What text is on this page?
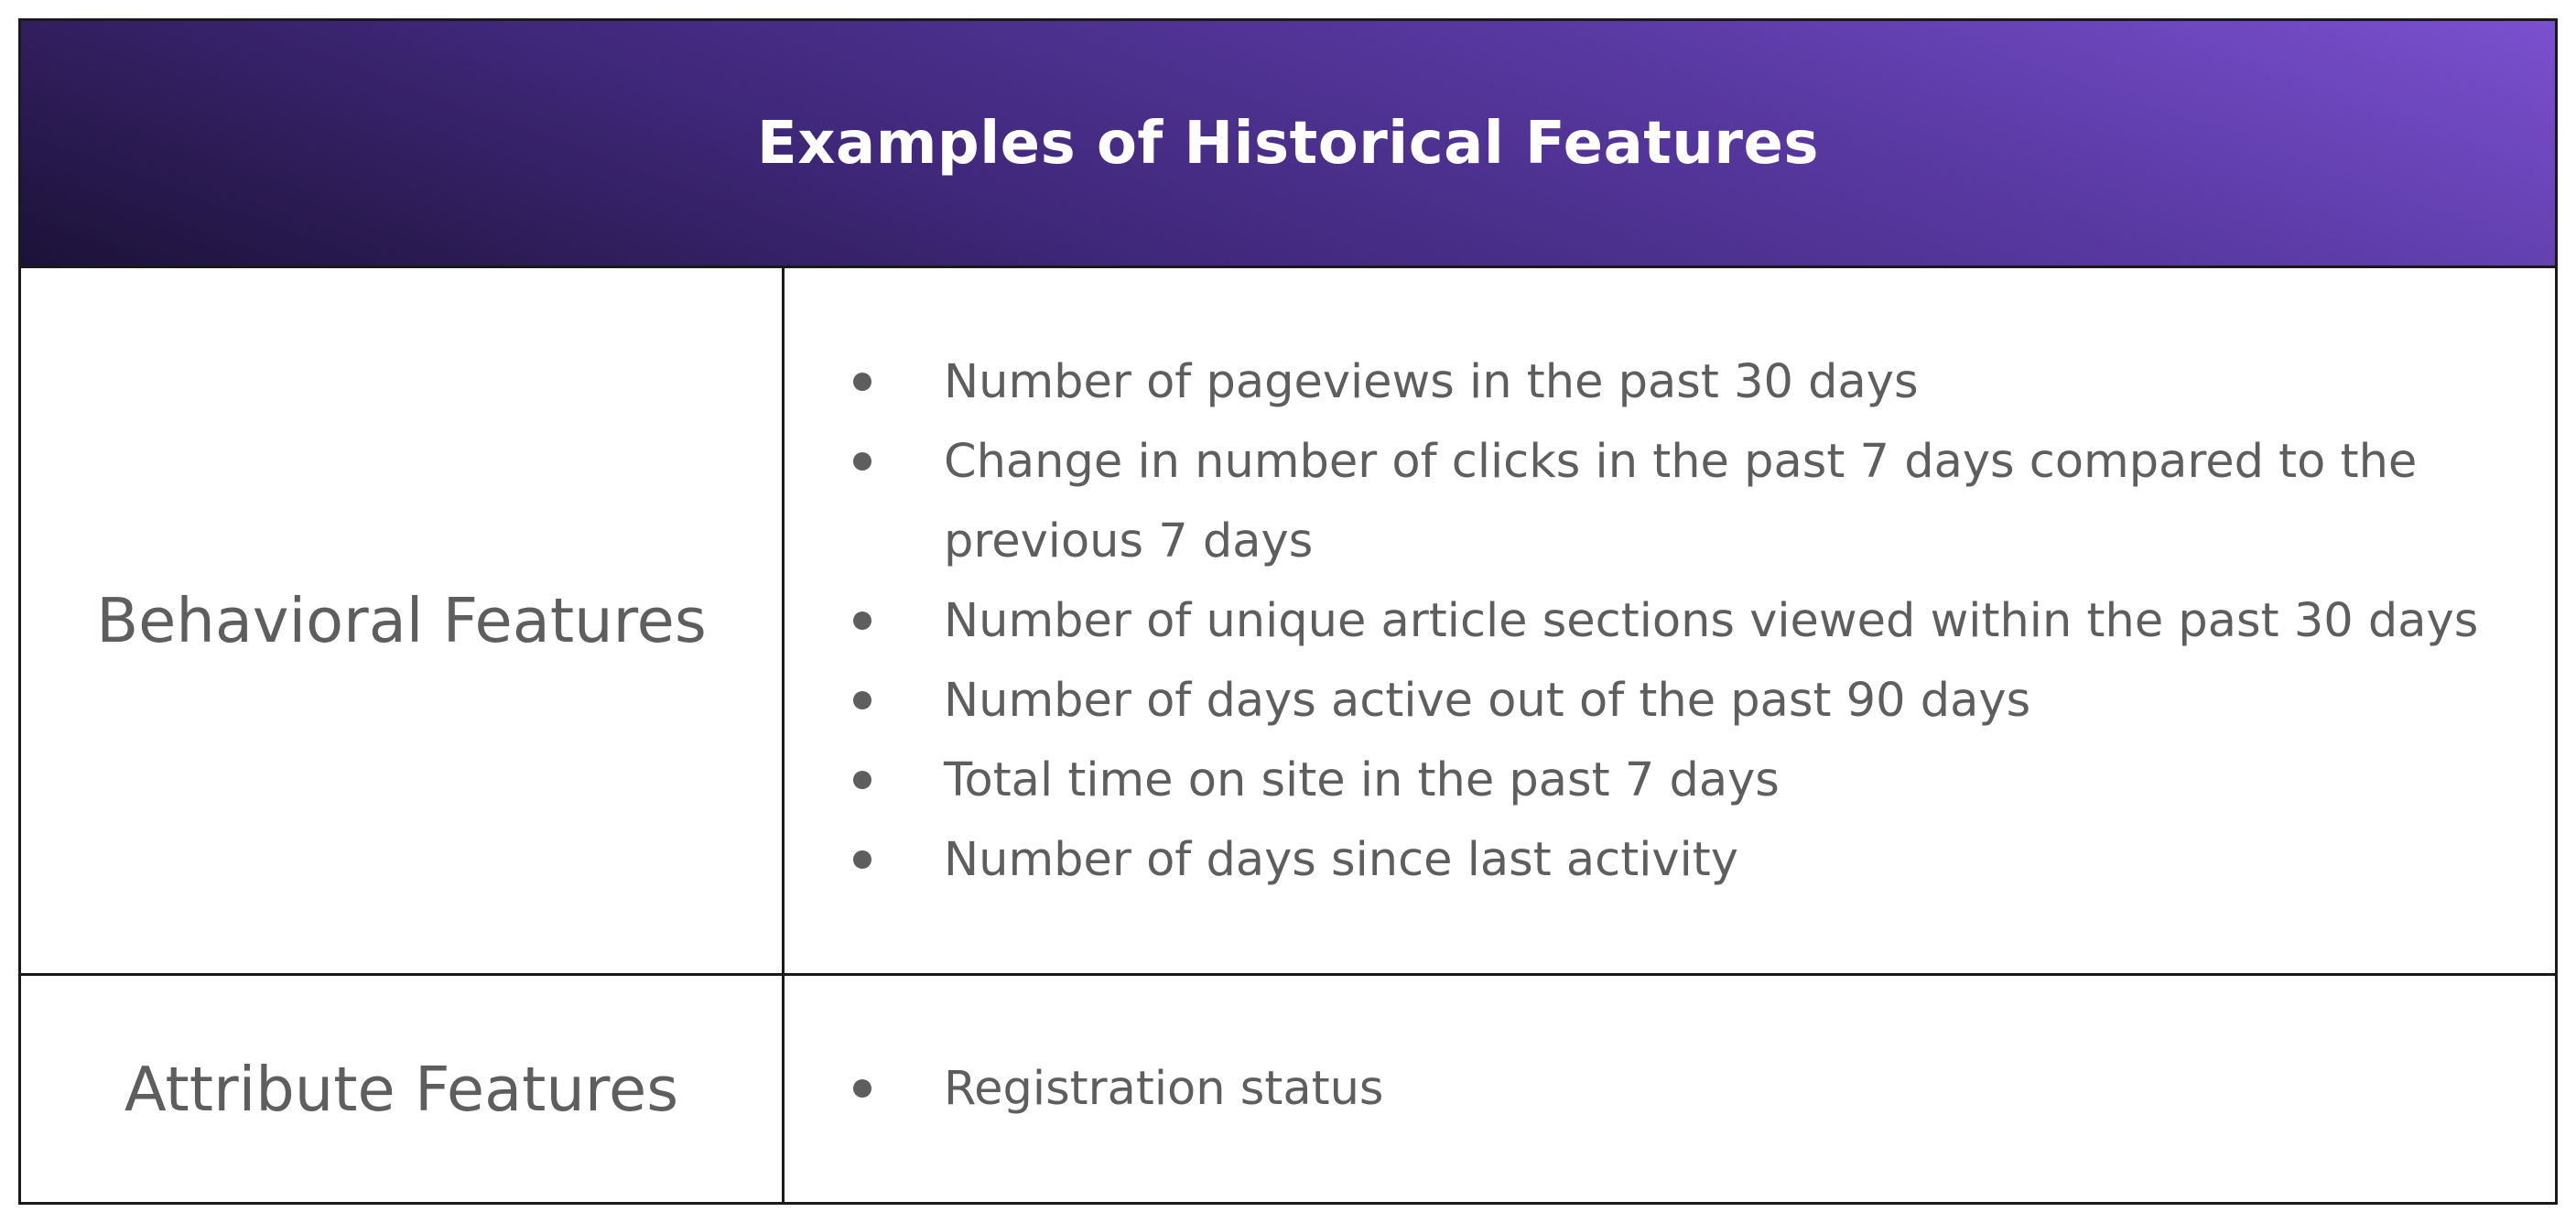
Examples of Historical Features
Behavioral Features
Number of pageviews in the past 30 days
Change in number of clicks in the past 7 days compared to the previous 7 days
Number of unique article sections viewed within the past 30 days
Number of days active out of the past 90 days
Total time on site in the past 7 days
Number of days since last activity
Attribute Features	Registration status
